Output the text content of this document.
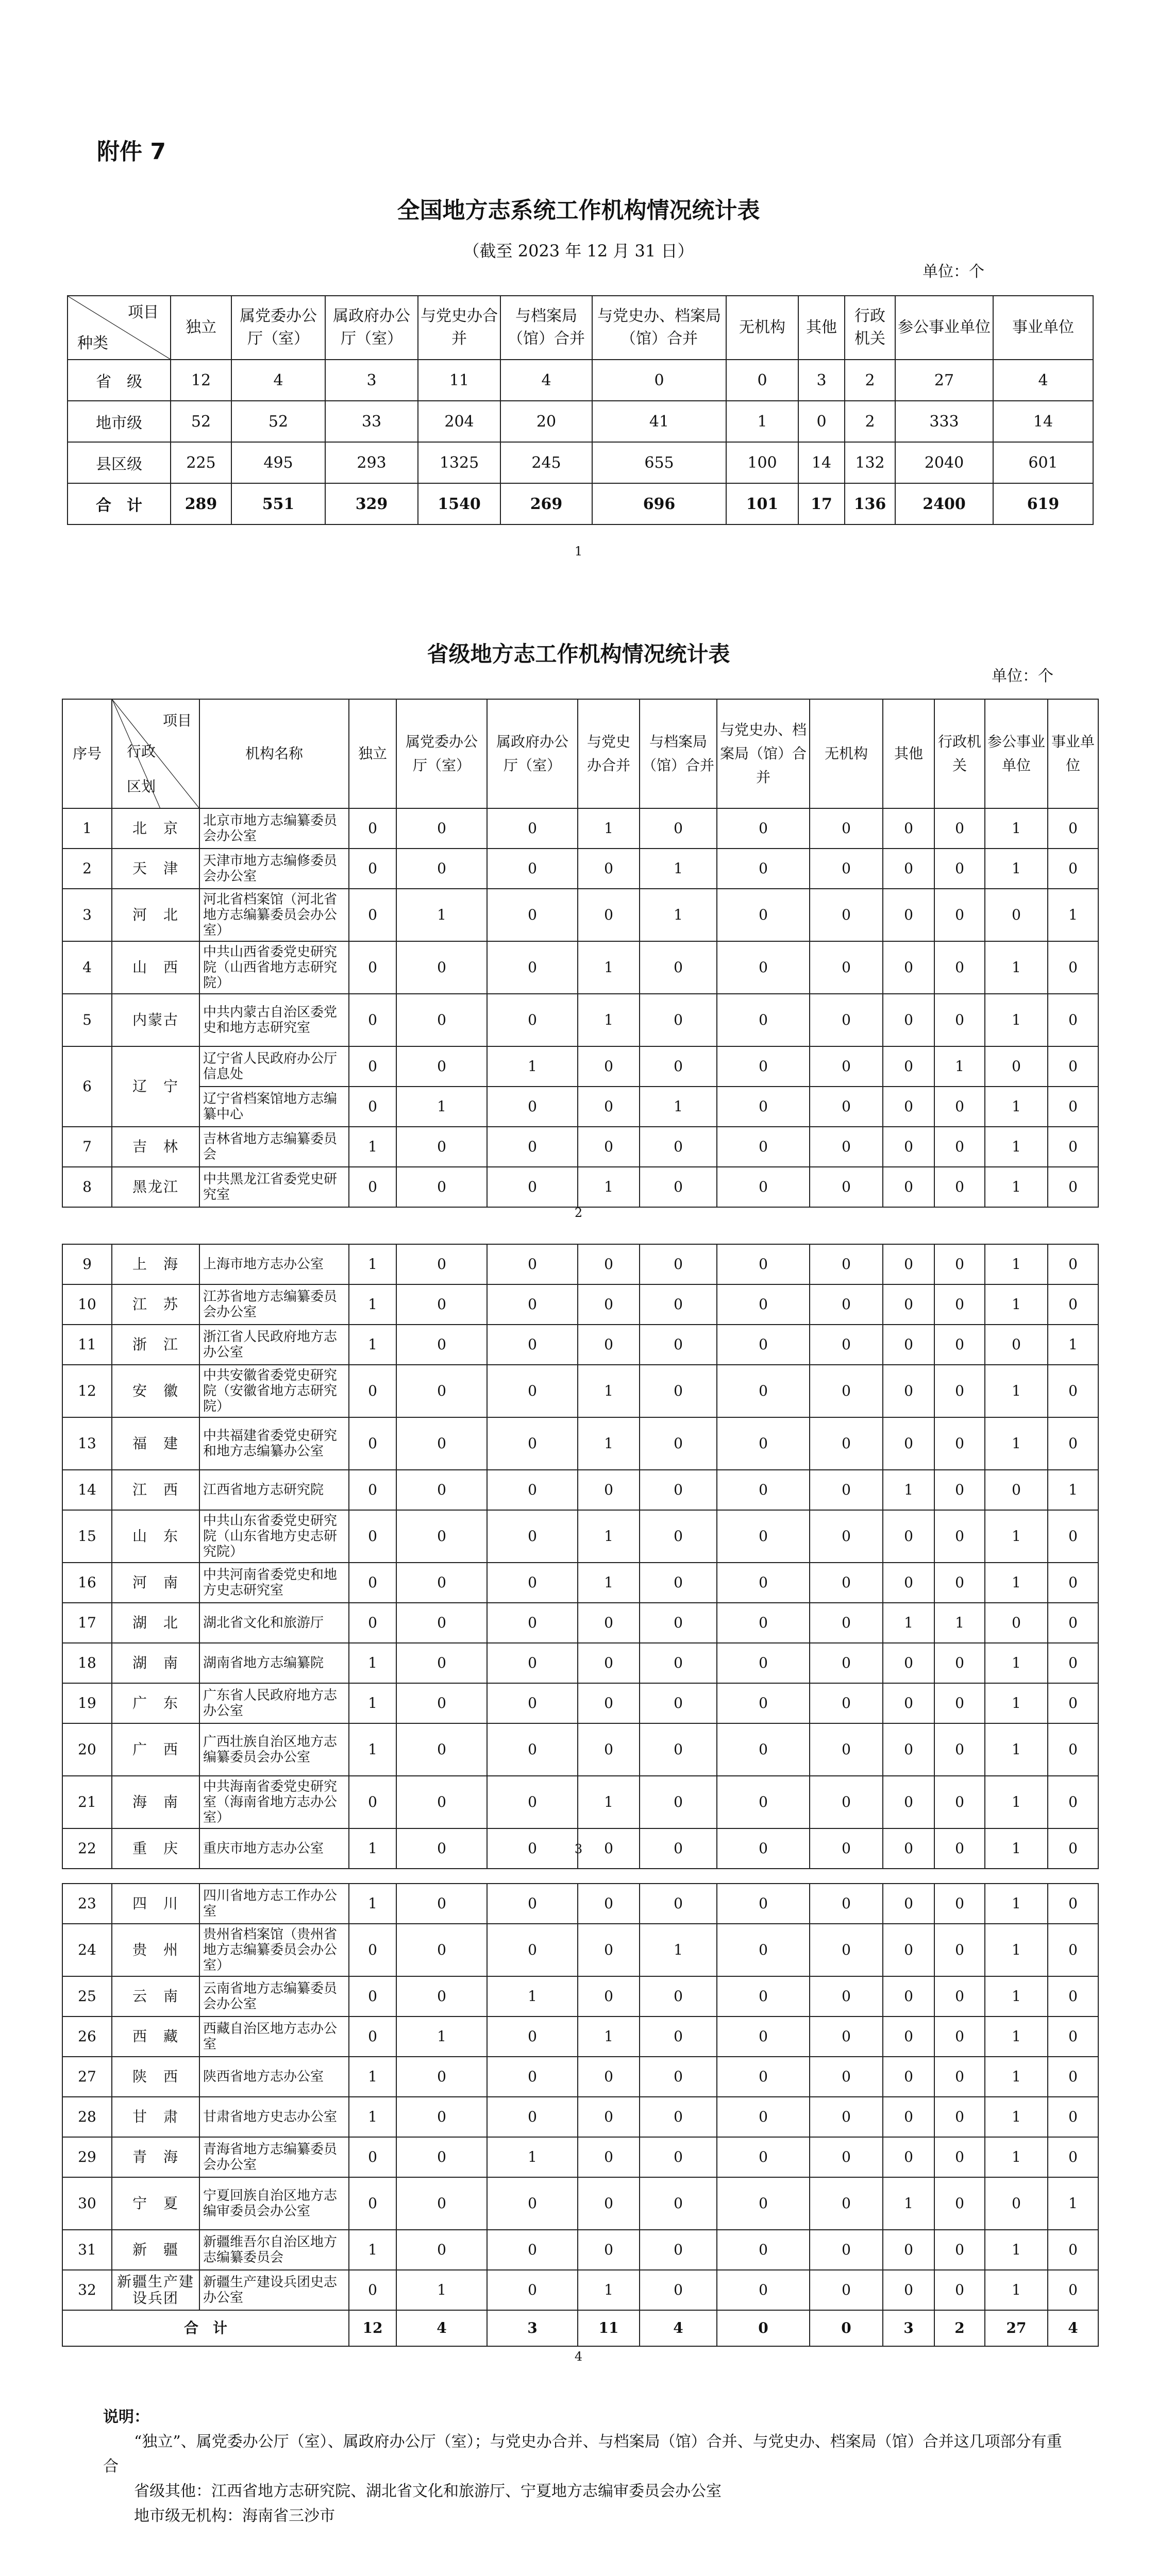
附件 7
全国地方志系统工作机构情况统计表
（截至 2023 年 12 月 31 日）
单位：个
项目
种类	独立	属党委办公厅（室）	属政府办公厅（室）	与党史办合并	与档案局（馆）合并	与党史办、档案局（馆）合并	无机构	其他	行政机关	参公事业单位	事业单位
省　级	12	4	3	11	4	0	0	3	2	27	4
地市级	52	52	33	204	20	41	1	0	2	333	14
县区级	225	495	293	1325	245	655	100	14	132	2040	601
合　计	289	551	329	1540	269	696	101	17	136	2400	619
1
省级地方志工作机构情况统计表
单位：个
序号	项目
行政
区划	机构名称	独立	属党委办公厅（室）	属政府办公厅（室）	与党史办合并	与档案局（馆）合并	与党史办、档案局（馆）合并	无机构	其他	行政机关	参公事业单位	事业单位
1	北　京	北京市地方志编纂委员会办公室	0	0	0	1	0	0	0	0	0	1	0
2	天　津	天津市地方志编修委员会办公室	0	0	0	0	1	0	0	0	0	1	0
3	河　北	河北省档案馆（河北省地方志编纂委员会办公室）	0	1	0	0	1	0	0	0	0	0	1
4	山　西	中共山西省委党史研究院（山西省地方志研究院）	0	0	0	1	0	0	0	0	0	1	0
5	内蒙古	中共内蒙古自治区委党史和地方志研究室	0	0	0	1	0	0	0	0	0	1	0
6	辽　宁	辽宁省人民政府办公厅信息处	0	0	1	0	0	0	0	0	1	0	0
		辽宁省档案馆地方志编纂中心	0	1	0	0	1	0	0	0	0	1	0
7	吉　林	吉林省地方志编纂委员会	1	0	0	0	0	0	0	0	0	1	0
8	黑龙江	中共黑龙江省委党史研究室	0	0	0	1	0	0	0	0	0	1	0
2
9	上　海	上海市地方志办公室	1	0	0	0	0	0	0	0	0	1	0
10	江　苏	江苏省地方志编纂委员会办公室	1	0	0	0	0	0	0	0	0	1	0
11	浙　江	浙江省人民政府地方志办公室	1	0	0	0	0	0	0	0	0	0	1
12	安　徽	中共安徽省委党史研究院（安徽省地方志研究院）	0	0	0	1	0	0	0	0	0	1	0
13	福　建	中共福建省委党史研究和地方志编纂办公室	0	0	0	1	0	0	0	0	0	1	0
14	江　西	江西省地方志研究院	0	0	0	0	0	0	0	1	0	0	1
15	山　东	中共山东省委党史研究院（山东省地方史志研究院）	0	0	0	1	0	0	0	0	0	1	0
16	河　南	中共河南省委党史和地方史志研究室	0	0	0	1	0	0	0	0	0	1	0
17	湖　北	湖北省文化和旅游厅	0	0	0	0	0	0	0	1	1	0	0
18	湖　南	湖南省地方志编纂院	1	0	0	0	0	0	0	0	0	1	0
19	广　东	广东省人民政府地方志办公室	1	0	0	0	0	0	0	0	0	1	0
20	广　西	广西壮族自治区地方志编纂委员会办公室	1	0	0	0	0	0	0	0	0	1	0
21	海　南	中共海南省委党史研究室（海南省地方志办公室）	0	0	0	1	0	0	0	0	0	1	0
22	重　庆	重庆市地方志办公室	1	0	0	0	0	0	0	0	0	1	0
3
23	四　川	四川省地方志工作办公室	1	0	0	0	0	0	0	0	0	1	0
24	贵　州	贵州省档案馆（贵州省地方志编纂委员会办公室）	0	0	0	0	1	0	0	0	0	1	0
25	云　南	云南省地方志编纂委员会办公室	0	0	1	0	0	0	0	0	0	1	0
26	西　藏	西藏自治区地方志办公室	0	1	0	1	0	0	0	0	0	1	0
27	陕　西	陕西省地方志办公室	1	0	0	0	0	0	0	0	0	1	0
28	甘　肃	甘肃省地方史志办公室	1	0	0	0	0	0	0	0	0	1	0
29	青　海	青海省地方志编纂委员会办公室	0	0	1	0	0	0	0	0	0	1	0
30	宁　夏	宁夏回族自治区地方志编审委员会办公室	0	0	0	0	0	0	0	1	0	0	1
31	新　疆	新疆维吾尔自治区地方志编纂委员会	1	0	0	0	0	0	0	0	0	1	0
32	新疆生产建设兵团	新疆生产建设兵团史志办公室	0	1	0	1	0	0	0	0	0	1	0
合　计			12	4	3	11	4	0	0	3	2	27	4
4

说明：

“独立”、属党委办公厅（室）、属政府办公厅（室）；与党史办合并、与档案局（馆）合并、与党史办、档案局（馆）合并这几项部分有重合

省级其他：江西省地方志研究院、湖北省文化和旅游厅、宁夏地方志编审委员会办公室

地市级无机构：海南省三沙市
